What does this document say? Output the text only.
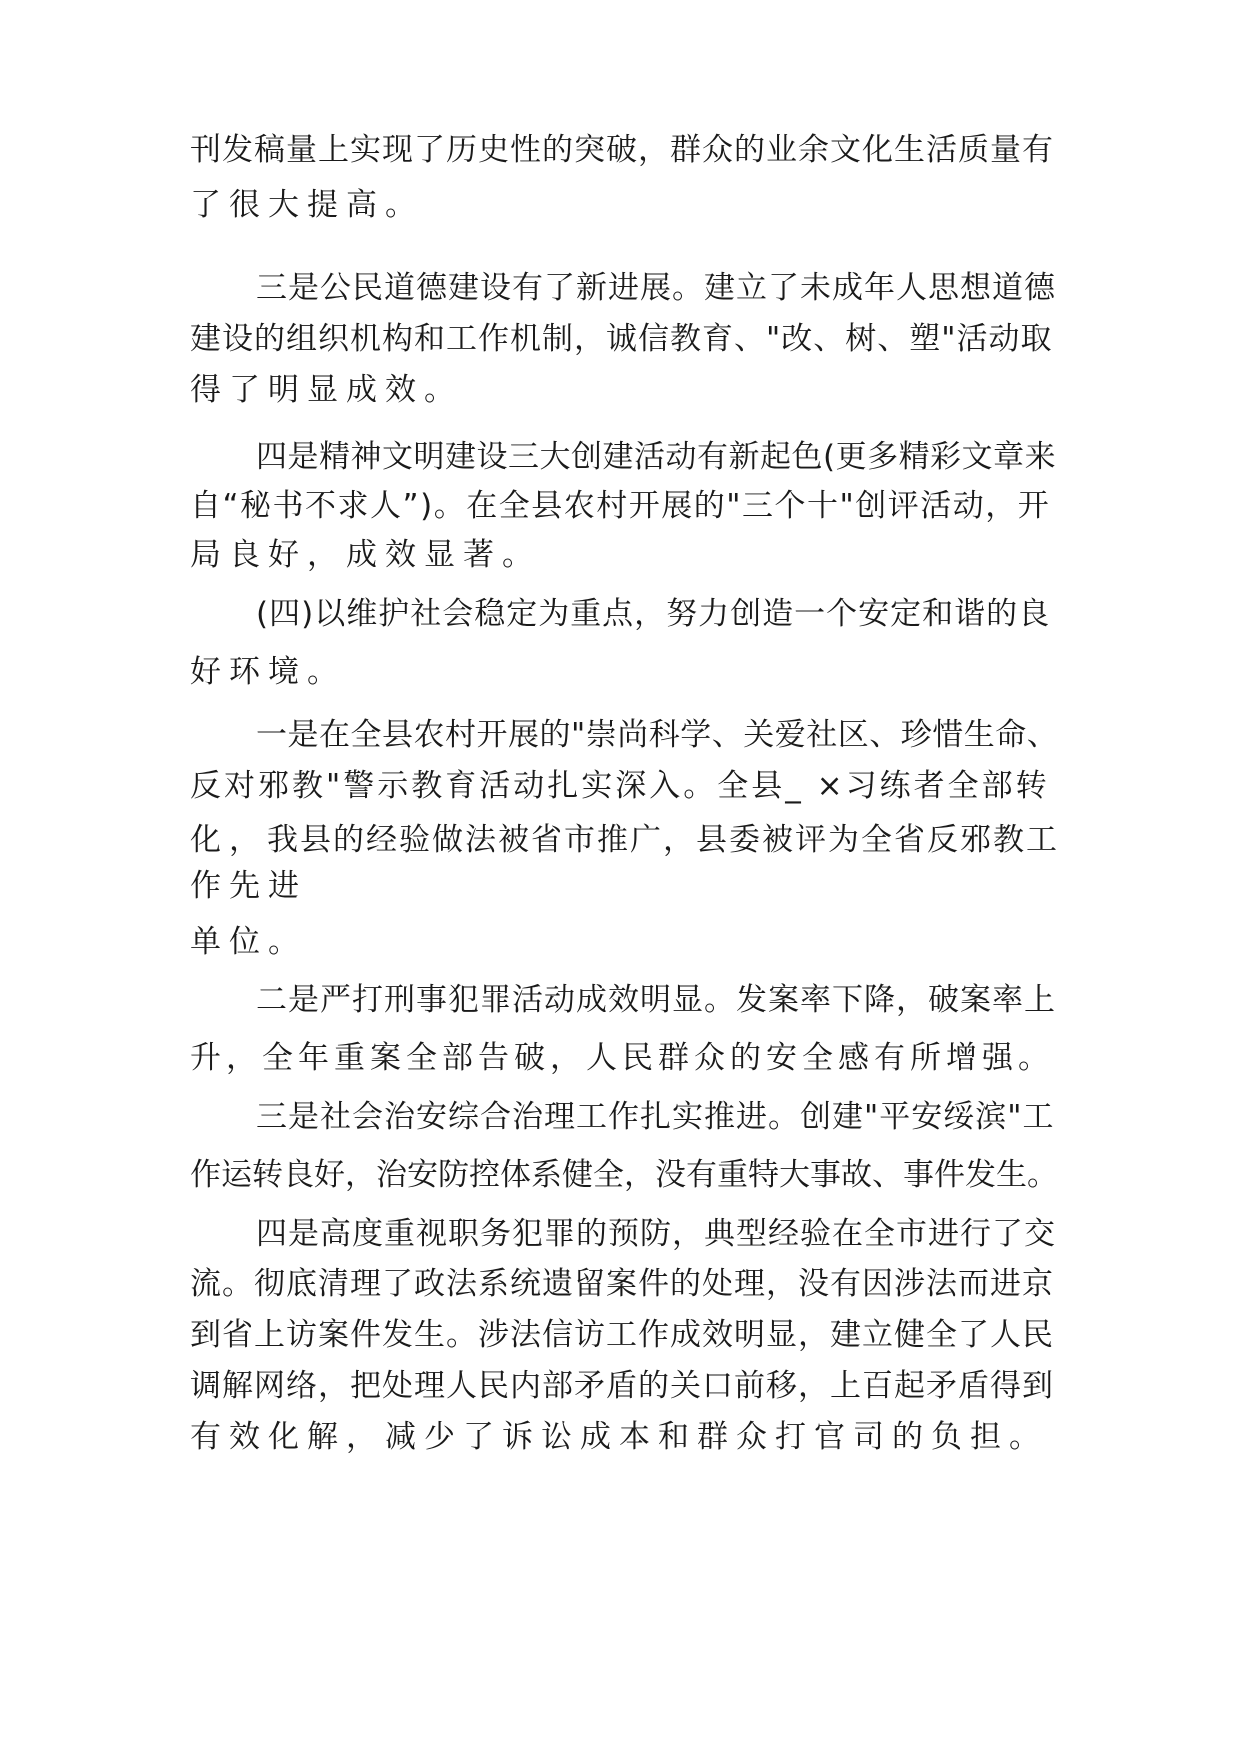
刊发稿量上实现了历史性的突破，群众的业余文化生活质量有

了很大提高。

三是公民道德建设有了新进展。建立了未成年人思想道德

建设的组织机构和工作机制，诚信教育、"改、树、塑"活动取

得了明显成效。

四是精神文明建设三大创建活动有新起色(更多精彩文章来

自“秘书不求人”)。在全县农村开展的"三个十"创评活动，开

局良好，成效显著。

(四)以维护社会稳定为重点，努力创造一个安定和谐的良

好环境。

一是在全县农村开展的"崇尚科学、关爱社区、珍惜生命、

反对邪教"警示教育活动扎实深入。全县_ ×习练者全部转

化， 我县的经验做法被省市推广，县委被评为全省反邪教工

作先进

单位。

二是严打刑事犯罪活动成效明显。发案率下降，破案率上

升，全年重案全部告破，人民群众的安全感有所增强。

三是社会治安综合治理工作扎实推进。创建"平安绥滨"工

作运转良好，治安防控体系健全，没有重特大事故、事件发生。

四是高度重视职务犯罪的预防，典型经验在全市进行了交

流。彻底清理了政法系统遗留案件的处理，没有因涉法而进京

到省上访案件发生。涉法信访工作成效明显，建立健全了人民

调解网络，把处理人民内部矛盾的关口前移，上百起矛盾得到

有效化解，减少了诉讼成本和群众打官司的负担。
